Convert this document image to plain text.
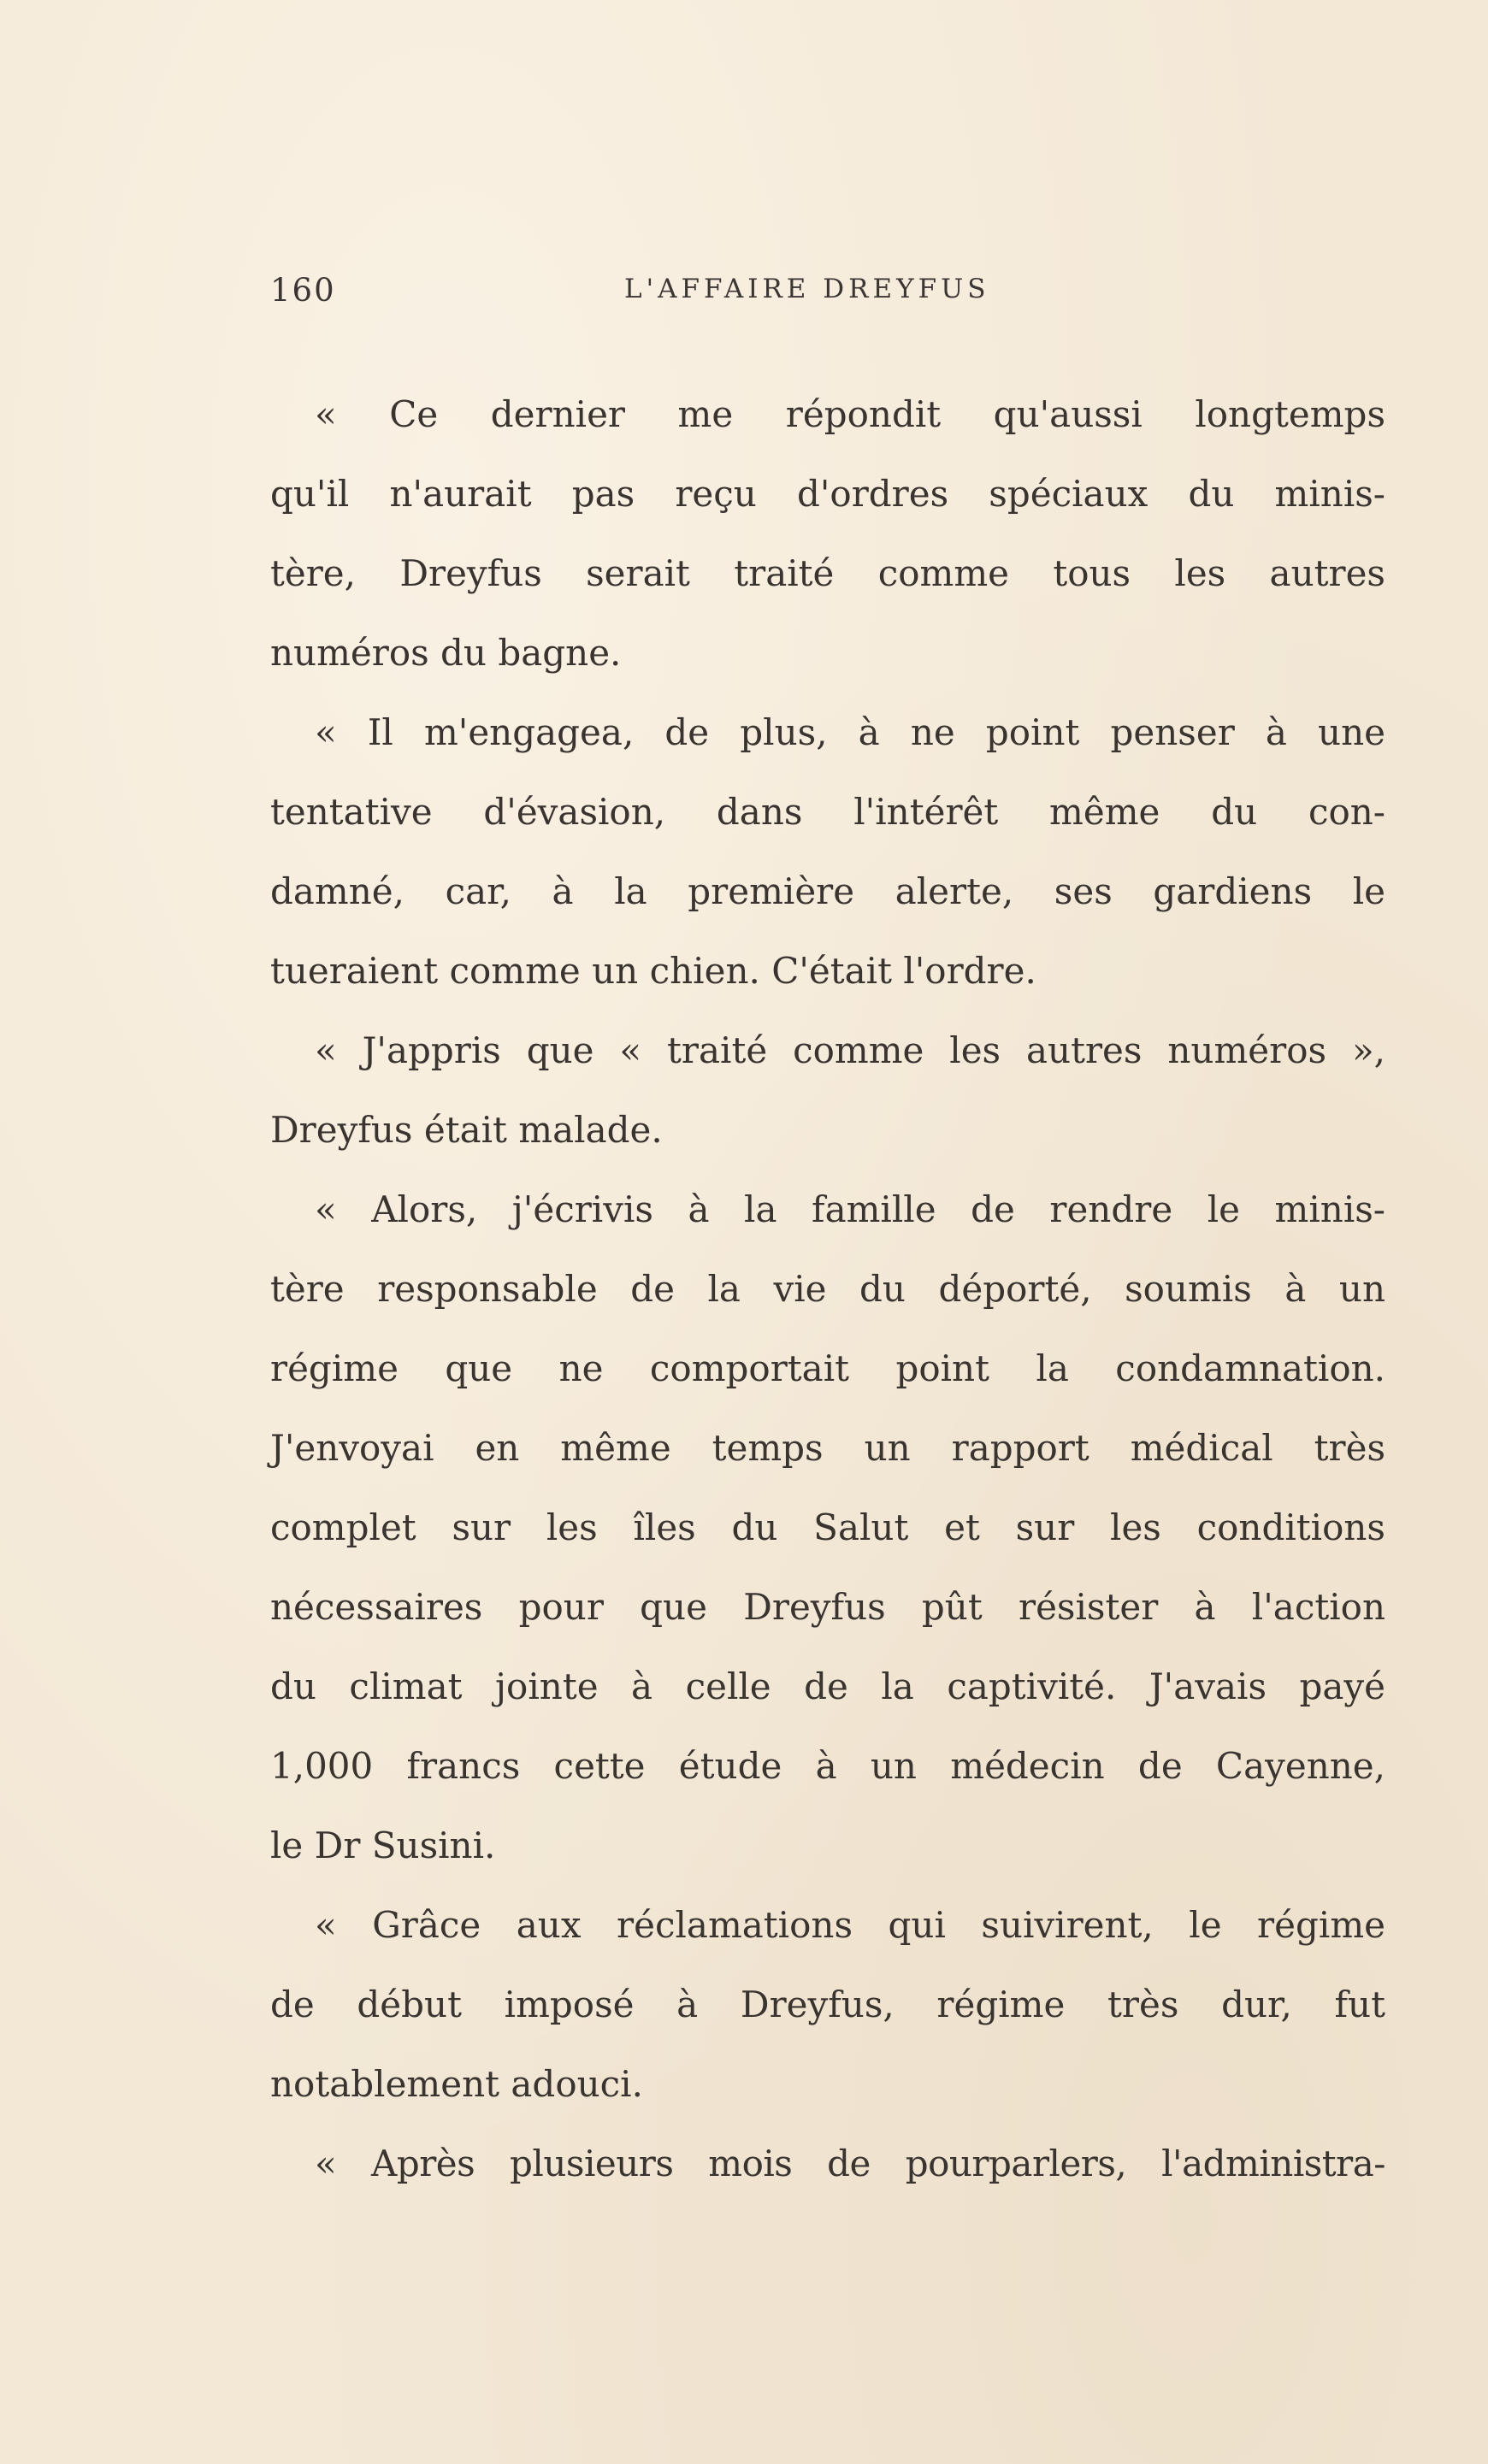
160	L'AFFAIRE DREYFUS
« Ce dernier me répondit qu'aussi longtemps
qu'il n'aurait pas reçu d'ordres spéciaux du minis-
tère, Dreyfus serait traité comme tous les autres
numéros du bagne.
« Il m'engagea, de plus, à ne point penser à une
tentative d'évasion, dans l'intérêt même du con-
damné, car, à la première alerte, ses gardiens le
tueraient comme un chien. C'était l'ordre.
« J'appris que « traité comme les autres numéros »,
Dreyfus était malade.
« Alors, j'écrivis à la famille de rendre le minis-
tère responsable de la vie du déporté, soumis à un
régime que ne comportait point la condamnation.
J'envoyai en même temps un rapport médical très
complet sur les îles du Salut et sur les conditions
nécessaires pour que Dreyfus pût résister à l'action
du climat jointe à celle de la captivité. J'avais payé
1,000 francs cette étude à un médecin de Cayenne,
le Dr Susini.
« Grâce aux réclamations qui suivirent, le régime
de début imposé à Dreyfus, régime très dur, fut
notablement adouci.
« Après plusieurs mois de pourparlers, l'administra-
